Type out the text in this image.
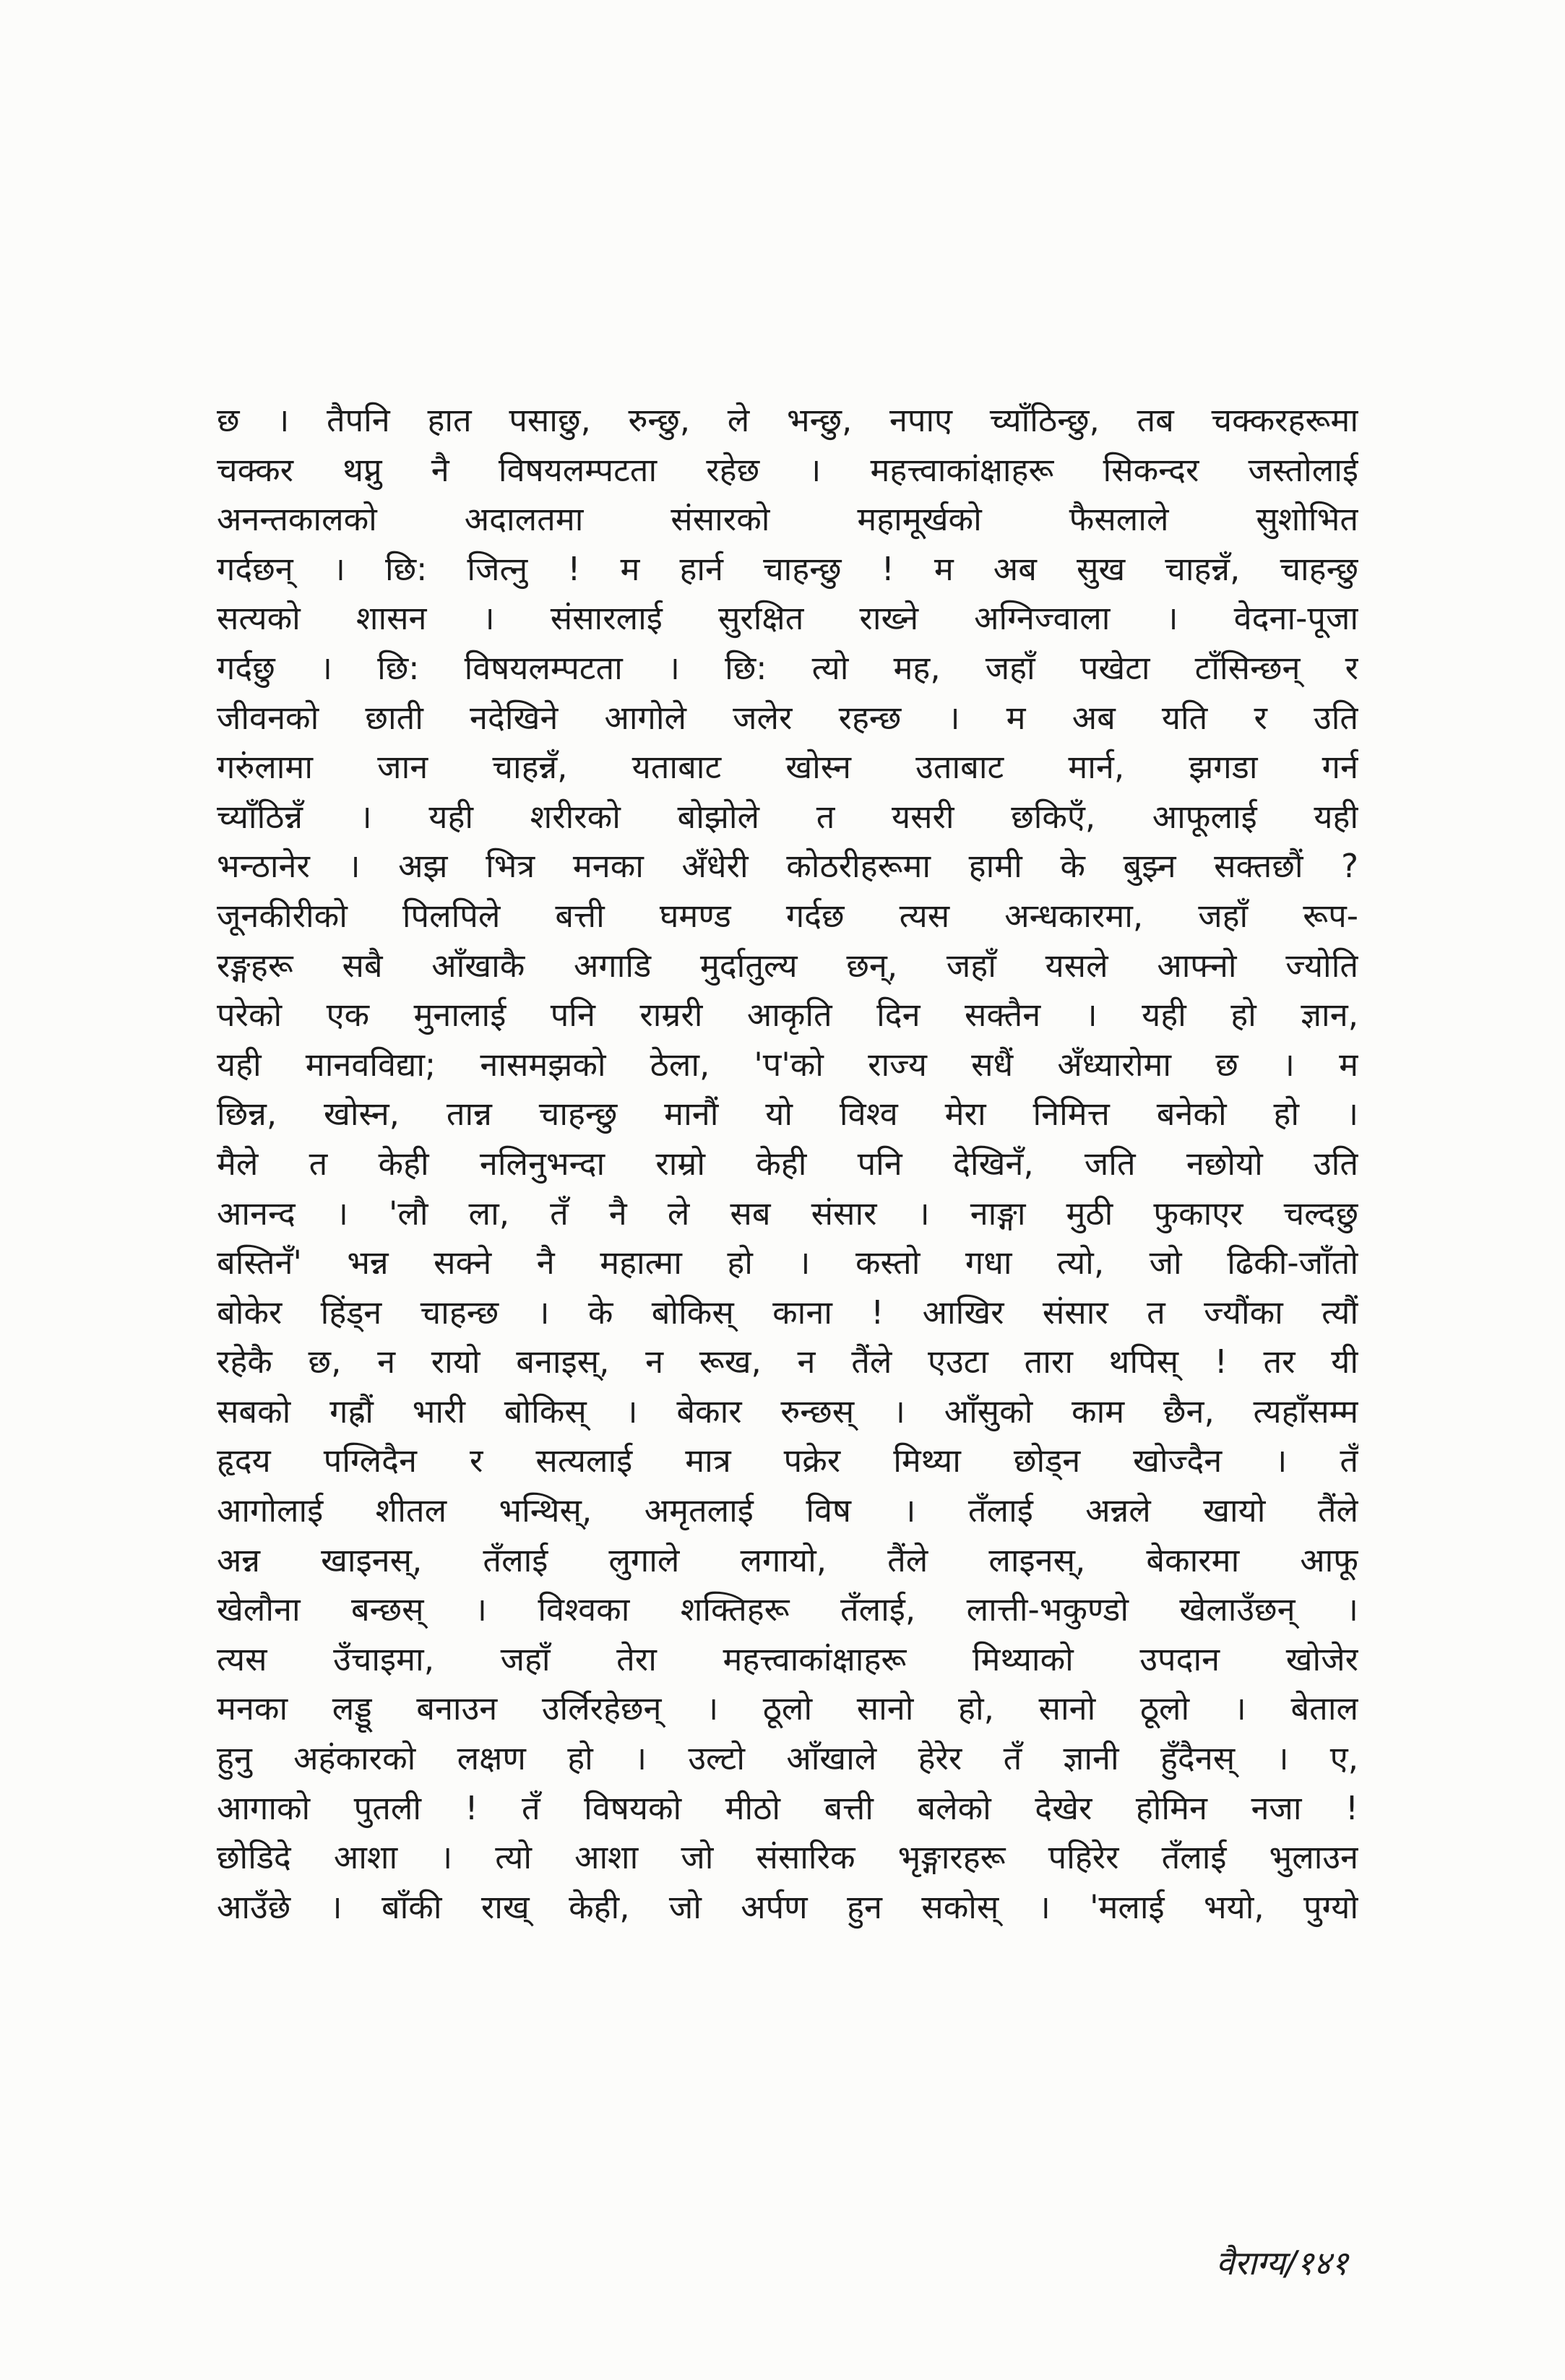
छ । तैपनि हात पसाछु, रुन्छु, ले भन्छु, नपाए च्याँठिन्छु, तब चक्करहरूमा
चक्कर थप्नु नै विषयलम्पटता रहेछ । महत्त्वाकांक्षाहरू सिकन्दर जस्तोलाई
अनन्तकालको अदालतमा संसारको महामूर्खको फैसलाले सुशोभित
गर्दछन् । छि: जित्नु ! म हार्न चाहन्छु ! म अब सुख चाहन्नँ, चाहन्छु
सत्यको शासन । संसारलाई सुरक्षित राख्ने अग्निज्वाला । वेदना-पूजा
गर्दछु । छि: विषयलम्पटता । छि: त्यो मह, जहाँ पखेटा टाँसिन्छन् र
जीवनको छाती नदेखिने आगोले जलेर रहन्छ । म अब यति र उति
गरुंलामा जान चाहन्नँ, यताबाट खोस्न उताबाट मार्न, झगडा गर्न
च्याँठिन्नँ । यही शरीरको बोझोले त यसरी छकिएँ, आफूलाई यही
भन्ठानेर । अझ भित्र मनका अँधेरी कोठरीहरूमा हामी के बुझ्न सक्तछौं ?
जूनकीरीको पिलपिले बत्ती घमण्ड गर्दछ त्यस अन्धकारमा, जहाँ रूप-
रङ्गहरू सबै आँखाकै अगाडि मुर्दातुल्य छन्, जहाँ यसले आफ्नो ज्योति
परेको एक मुनालाई पनि राम्ररी आकृति दिन सक्तैन । यही हो ज्ञान,
यही मानवविद्या; नासमझको ठेला, 'प'को राज्य सधैं अँध्यारोमा छ । म
छिन्न, खोस्न, तान्न चाहन्छु मानौं यो विश्व मेरा निमित्त बनेको हो ।
मैले त केही नलिनुभन्दा राम्रो केही पनि देखिनँ, जति नछोयो उति
आनन्द । 'लौ ला, तँ नै ले सब संसार । नाङ्गा मुठी फुकाएर चल्दछु
बस्तिनँ' भन्न सक्ने नै महात्मा हो । कस्तो गधा त्यो, जो ढिकी-जाँतो
बोकेर हिंड्न चाहन्छ । के बोकिस् काना ! आखिर संसार त ज्यौंका त्यौं
रहेकै छ, न रायो बनाइस्, न रूख, न तैंले एउटा तारा थपिस् ! तर यी
सबको गह्रौं भारी बोकिस् । बेकार रुन्छस् । आँसुको काम छैन, त्यहाँसम्म
हृदय पग्लिदैन र सत्यलाई मात्र पक्रेर मिथ्या छोड्न खोज्दैन । तँ
आगोलाई शीतल भन्थिस्, अमृतलाई विष । तँलाई अन्नले खायो तैंले
अन्न खाइनस्, तँलाई लुगाले लगायो, तैंले लाइनस्, बेकारमा आफू
खेलौना बन्छस् । विश्वका शक्तिहरू तँलाई, लात्ती-भकुण्डो खेलाउँछन् ।
त्यस उँचाइमा, जहाँ तेरा महत्त्वाकांक्षाहरू मिथ्याको उपदान खोजेर
मनका लड्डू बनाउन उर्लिरहेछन् । ठूलो सानो हो, सानो ठूलो । बेताल
हुनु अहंकारको लक्षण हो । उल्टो आँखाले हेरेर तँ ज्ञानी हुँदैनस् । ए,
आगाको पुतली ! तँ विषयको मीठो बत्ती बलेको देखेर होमिन नजा !
छोडिदे आशा । त्यो आशा जो संसारिक भृङ्गारहरू पहिरेर तँलाई भुलाउन
आउँछे । बाँकी राख् केही, जो अर्पण हुन सकोस् । 'मलाई भयो, पुग्यो
वैराग्य/१४१
